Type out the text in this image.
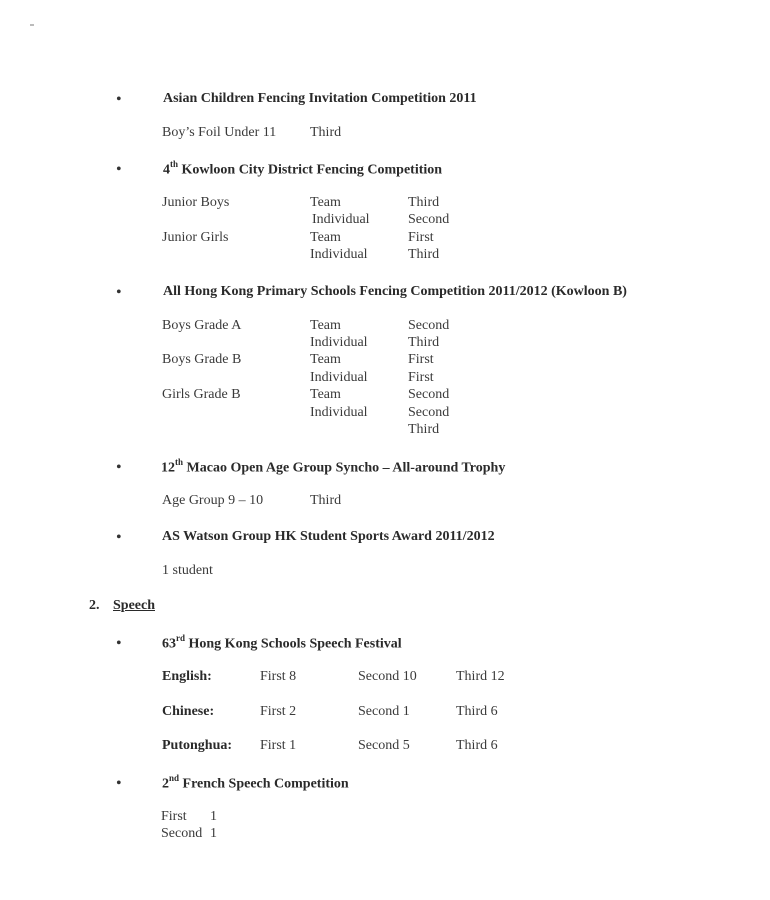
•	Asian Children Fencing Invitation Competition 2011
Boy’s Foil Under 11 Third
•	4th Kowloon City District Fencing Competition
Junior Boys	Team	Third
Individual	Second
Junior Girls	Team	First
Individual	Third
•	All Hong Kong Primary Schools Fencing Competition 2011/2012 (Kowloon B)
Boys Grade A	Team	Second
Individual	Third
Boys Grade B	Team	First
Individual	First
Girls Grade B	Team	Second
Individual	Second
Third
•	12th Macao Open Age Group Syncho – All-around Trophy
Age Group 9 – 10	Third
•	AS Watson Group HK Student Sports Award 2011/2012
1 student
2. Speech
•	63rd Hong Kong Schools Speech Festival
English:	First 8	Second 10	Third 12
Chinese:	First 2	Second 1	Third 6
Putonghua: First 1	Second 5	Third 6
•	2nd French Speech Competition
First 1
Second 1
